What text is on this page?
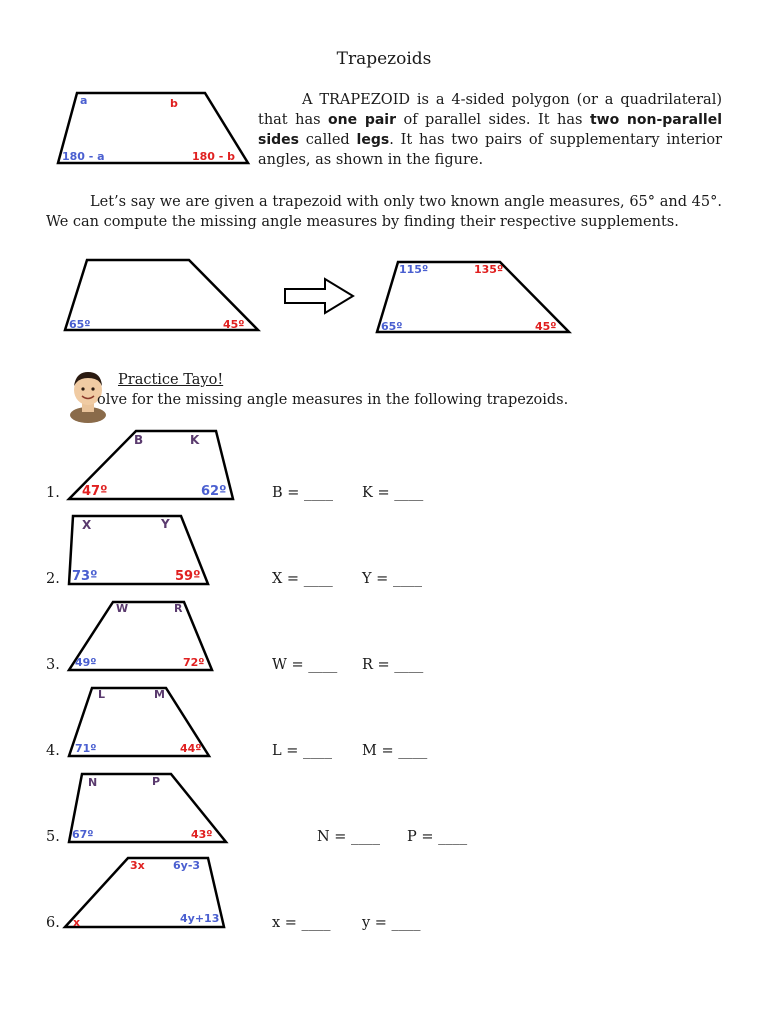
Trapezoids
a	b
180 - a	180 - b
A TRAPEZOID is a 4-sided polygon (or a quadrilateral) that has one pair of parallel sides. It has two non-parallel sides called legs. It has two pairs of supplementary interior angles, as shown in the figure.
Let’s say we are given a trapezoid with only two known angle measures, 65° and 45°. We can compute the missing angle measures by finding their respective supplements.
65º	45º
115º	135º
65º	45º
Practice Tayo!
olve for the missing angle measures in the following trapezoids.
1.
B	K
47º	62º	B = ____ K = ____
2.
X	Y
73º	59º	X = ____ Y = ____
3.
W	R
49º	72º	W = ____ R = ____
4.
L	M
71º	44º	L = ____ M = ____
5.
N	P
67º	43º	N = ____ P = ____
6.
3x	6y-3
x	4y+13	x = ____ y = ____
